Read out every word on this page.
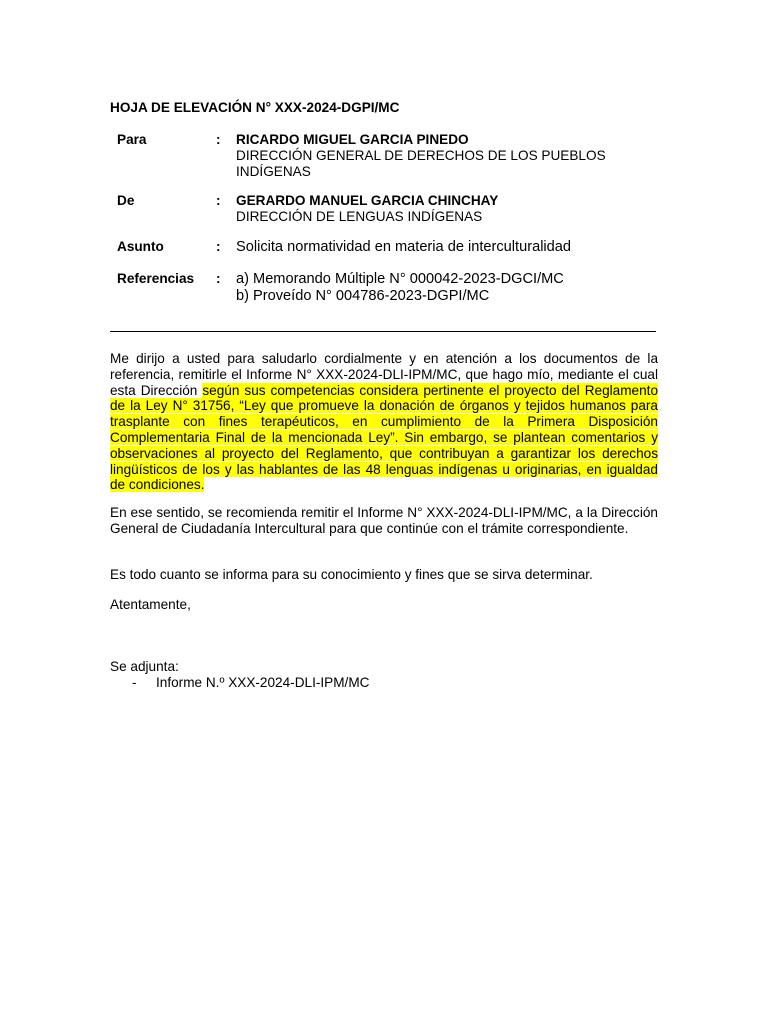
HOJA DE ELEVACIÓN N° XXX-2024-DGPI/MC
Para	: RICARDO MIGUEL GARCIA PINEDO
DIRECCIÓN GENERAL DE DERECHOS DE LOS PUEBLOS INDÍGENAS
De	: GERARDO MANUEL GARCIA CHINCHAY
DIRECCIÓN DE LENGUAS INDÍGENAS
Asunto	: Solicita normatividad en materia de interculturalidad
Referencias : a) Memorando Múltiple N° 000042-2023-DGCI/MC
b) Proveído N° 004786-2023-DGPI/MC
Me dirijo a usted para saludarlo cordialmente y en atención a los documentos de la referencia, remitirle el Informe N° XXX-2024-DLI-IPM/MC, que hago mío, mediante el cual esta Dirección según sus competencias considera pertinente el proyecto del Reglamento de la Ley N° 31756, “Ley que promueve la donación de órganos y tejidos humanos para trasplante con fines terapéuticos, en cumplimiento de la Primera Disposición Complementaria Final de la mencionada Ley”. Sin embargo, se plantean comentarios y observaciones al proyecto del Reglamento, que contribuyan a garantizar los derechos lingüísticos de los y las hablantes de las 48 lenguas indígenas u originarias, en igualdad de condiciones.
En ese sentido, se recomienda remitir el Informe N° XXX-2024-DLI-IPM/MC, a la Dirección General de Ciudadanía Intercultural para que continúe con el trámite correspondiente.
Es todo cuanto se informa para su conocimiento y fines que se sirva determinar.
Atentamente,
Se adjunta:
- Informe N.º XXX-2024-DLI-IPM/MC
